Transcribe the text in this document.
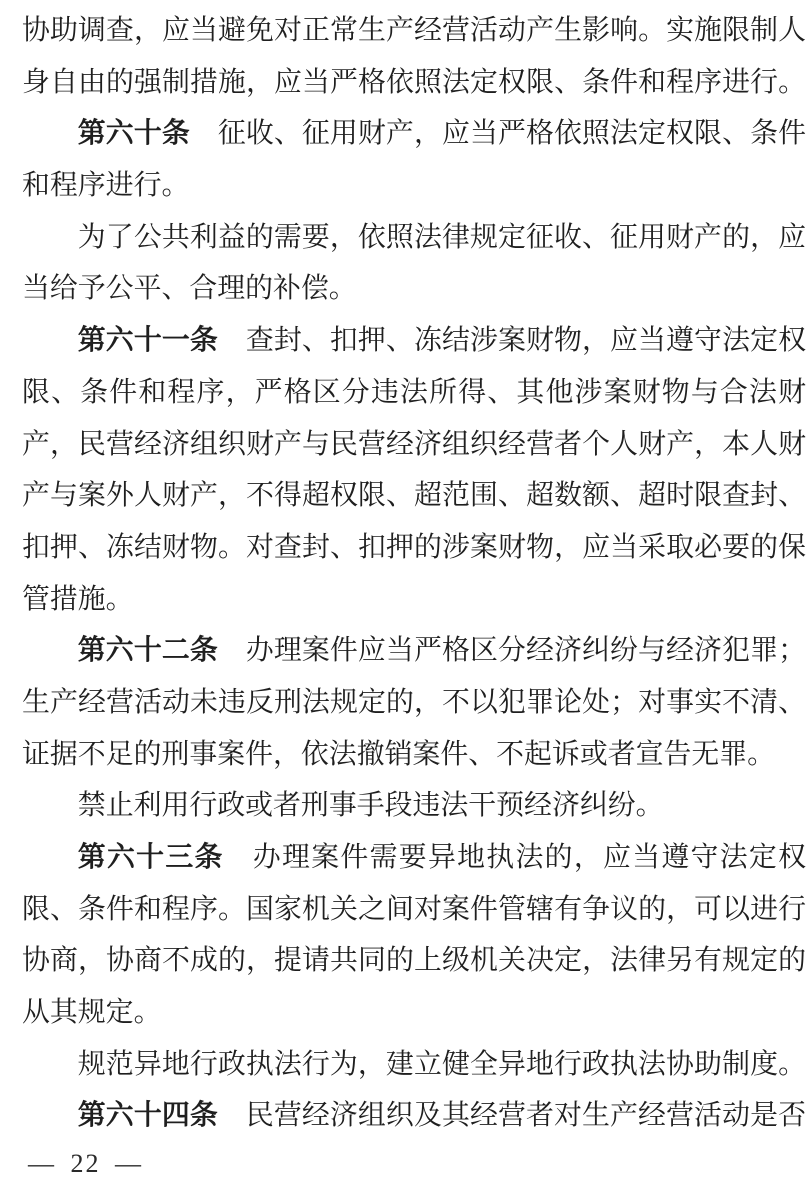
协助调查，应当避免对正常生产经营活动产生影响。实施限制人
身自由的强制措施，应当严格依照法定权限、条件和程序进行。
第六十条　征收、征用财产，应当严格依照法定权限、条件
和程序进行。
为了公共利益的需要，依照法律规定征收、征用财产的，应
当给予公平、合理的补偿。
第六十一条　查封、扣押、冻结涉案财物，应当遵守法定权
限、条件和程序，严格区分违法所得、其他涉案财物与合法财
产，民营经济组织财产与民营经济组织经营者个人财产，本人财
产与案外人财产，不得超权限、超范围、超数额、超时限查封、
扣押、冻结财物。对查封、扣押的涉案财物，应当采取必要的保
管措施。
第六十二条　办理案件应当严格区分经济纠纷与经济犯罪；
生产经营活动未违反刑法规定的，不以犯罪论处；对事实不清、
证据不足的刑事案件，依法撤销案件、不起诉或者宣告无罪。
禁止利用行政或者刑事手段违法干预经济纠纷。
第六十三条　办理案件需要异地执法的，应当遵守法定权
限、条件和程序。国家机关之间对案件管辖有争议的，可以进行
协商，协商不成的，提请共同的上级机关决定，法律另有规定的
从其规定。
规范异地行政执法行为，建立健全异地行政执法协助制度。
第六十四条　民营经济组织及其经营者对生产经营活动是否
— 22 —
